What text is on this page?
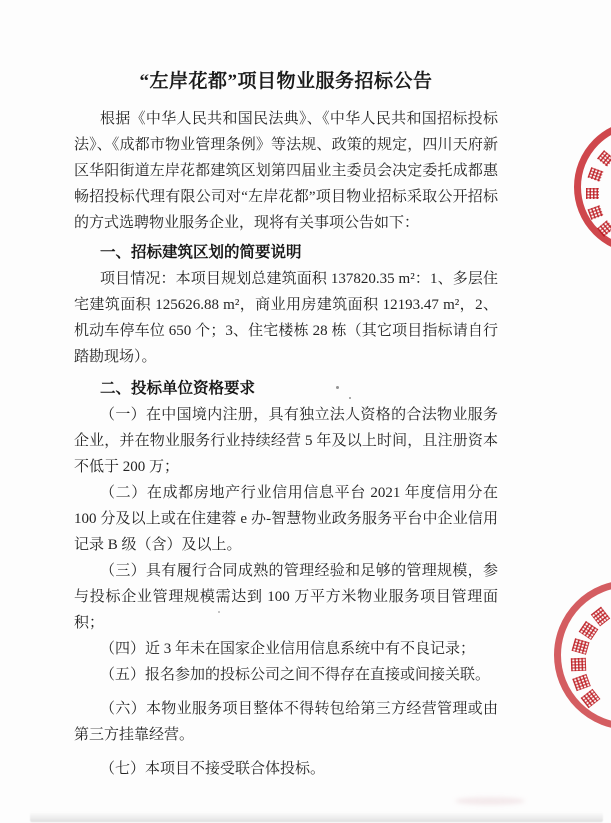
“左岸花都”项目物业服务招标公告

根据《中华人民共和国民法典》、《中华人民共和国招标投标法》、《成都市物业管理条例》等法规、政策的规定，四川天府新区华阳街道左岸花都建筑区划第四届业主委员会决定委托成都惠畅招投标代理有限公司对“左岸花都”项目物业招标采取公开招标的方式选聘物业服务企业，现将有关事项公告如下：

一、招标建筑区划的简要说明

项目情况：本项目规划总建筑面积 137820.35 m²：1、多层住宅建筑面积 125626.88 m²，商业用房建筑面积 12193.47 m²，2、机动车停车位 650 个；3、住宅楼栋 28 栋（其它项目指标请自行踏勘现场）。

二、投标单位资格要求

（一）在中国境内注册，具有独立法人资格的合法物业服务企业，并在物业服务行业持续经营 5 年及以上时间，且注册资本不低于 200 万；

（二）在成都房地产行业信用信息平台 2021 年度信用分在 100 分及以上或在住建蓉 e 办-智慧物业政务服务平台中企业信用记录 B 级（含）及以上。

（三）具有履行合同成熟的管理经验和足够的管理规模，参与投标企业管理规模需达到 100 万平方米物业服务项目管理面积；

（四）近 3 年未在国家企业信用信息系统中有不良记录；

（五）报名参加的投标公司之间不得存在直接或间接关联。

（六）本物业服务项目整体不得转包给第三方经营管理或由第三方挂靠经营。

（七）本项目不接受联合体投标。
